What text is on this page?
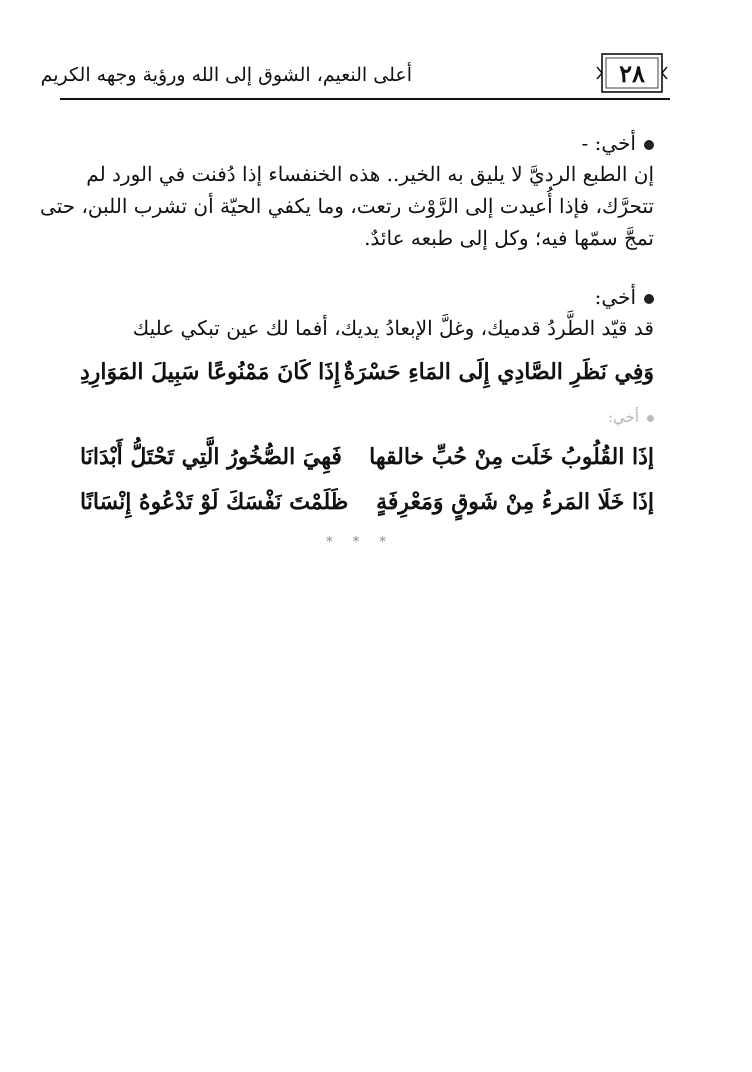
٢٨
أعلى النعيم، الشوق إلى الله ورؤية وجهه الكريم
أخي: -
إن الطبع الرديَّ لا يليق به الخير.. هذه الخنفساء إذا دُفنت في الورد لم
تتحرَّك، فإذا أُعيدت إلى الرَّوْث رتعت، وما يكفي الحيّة أن تشرب اللبن، حتى
تمجَّ سمّها فيه؛ وكل إلى طبعه عائدٌ.
أخي:
قد قيّد الطَّردُ قدميك، وغلَّ الإبعادُ يديك، أفما لك عين تبكي عليك
وَفِي نَظَرِ الصَّادِي إِلَى المَاءِ حَسْرَةٌ
إِذَا كَانَ مَمْنُوعًا سَبِيلَ المَوَارِدِ
أخي:
إذَا القُلُوبُ خَلَت مِنْ حُبِّ خالقها
فَهِيَ الصُّخُورُ الَّتِي تَحْتَلُّ أَبْدَانَا
إذَا خَلَا المَرءُ مِنْ شَوقٍ وَمَعْرِفَةٍ
ظَلَمْتَ نَفْسَكَ لَوْ تَدْعُوهُ إِنْسَانًا
* * *
